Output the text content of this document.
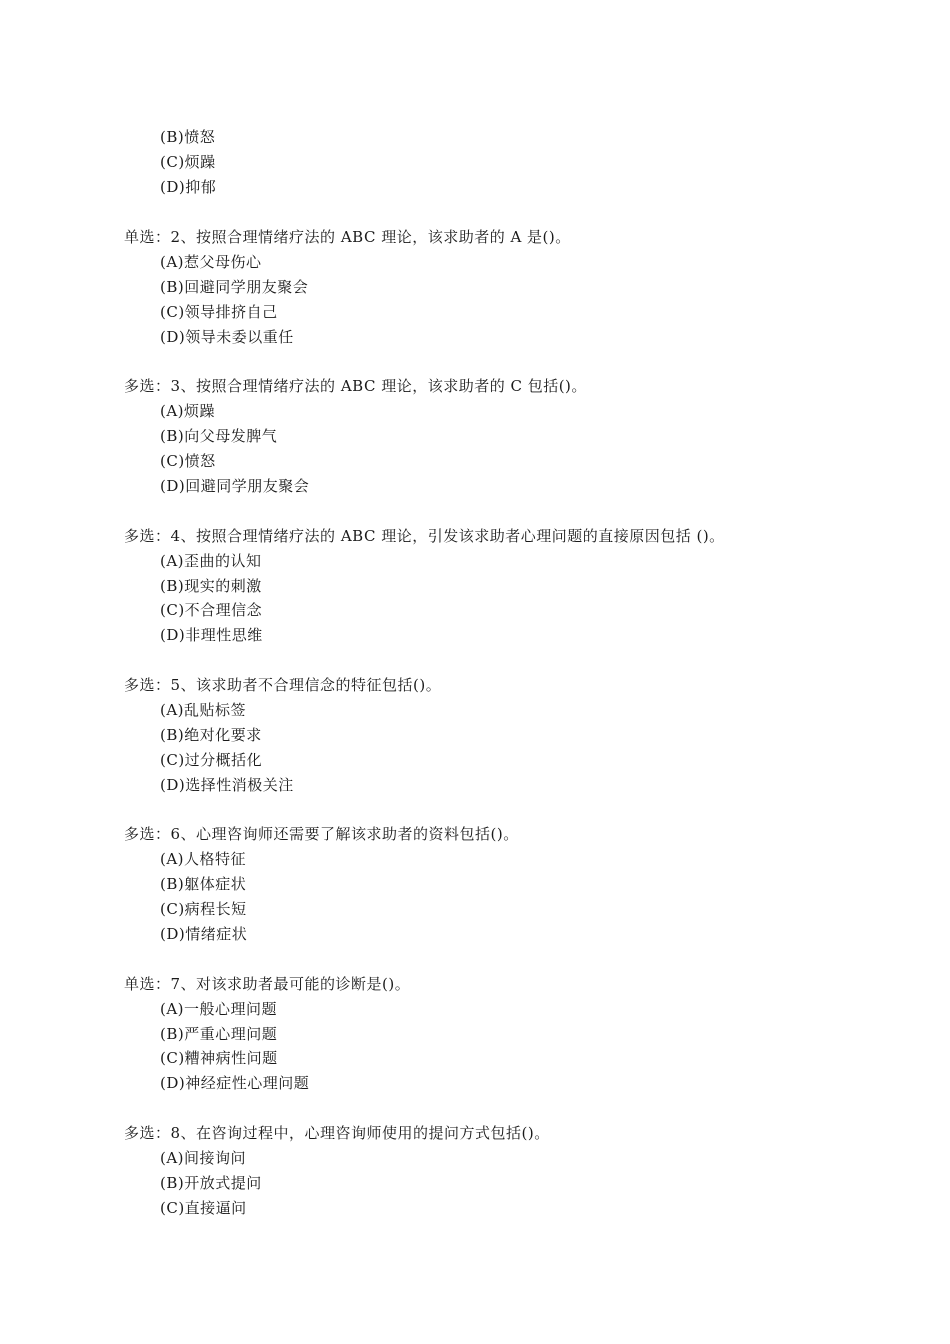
(B)愤怒
(C)烦躁
(D)抑郁
单选：2、按照合理情绪疗法的 ABC 理论，该求助者的 A 是()。
(A)惹父母伤心
(B)回避同学朋友聚会
(C)领导排挤自己
(D)领导未委以重任
多选：3、按照合理情绪疗法的 ABC 理论，该求助者的 C 包括()。
(A)烦躁
(B)向父母发脾气
(C)愤怒
(D)回避同学朋友聚会
多选：4、按照合理情绪疗法的 ABC 理论，引发该求助者心理问题的直接原因包括 ()。
(A)歪曲的认知
(B)现实的刺激
(C)不合理信念
(D)非理性思维
多选：5、该求助者不合理信念的特征包括()。
(A)乱贴标签
(B)绝对化要求
(C)过分概括化
(D)选择性消极关注
多选：6、心理咨询师还需要了解该求助者的资料包括()。
(A)人格特征
(B)躯体症状
(C)病程长短
(D)情绪症状
单选：7、对该求助者最可能的诊断是()。
(A)一般心理问题
(B)严重心理问题
(C)糟神病性问题
(D)神经症性心理问题
多选：8、在咨询过程中，心理咨询师使用的提问方式包括()。
(A)间接询问
(B)开放式提问
(C)直接逼问
